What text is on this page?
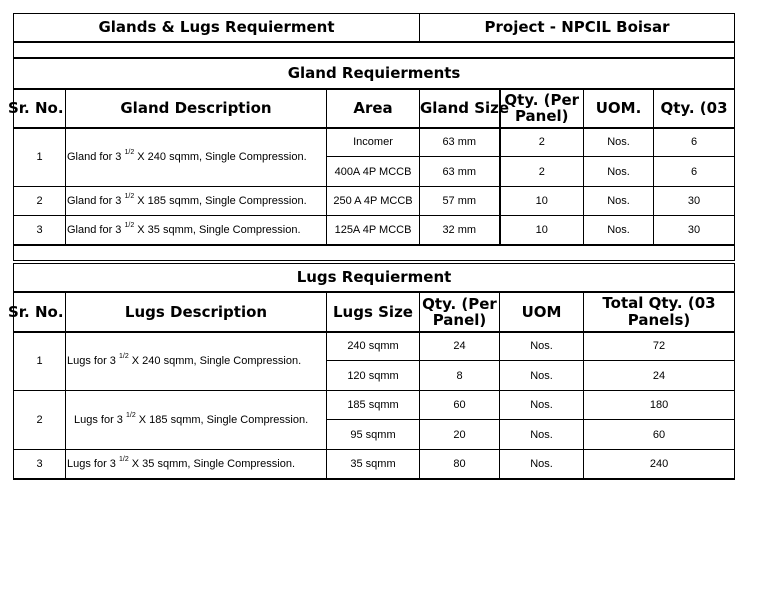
Glands & Lugs Requierment	Project - NPCIL Boisar

Gland Requierments						
Sr. No.	Gland Description	Area	Gland Size	Qty. (Per Panel)	UOM.	Qty. (03
1	Gland for 3 $^{1/2}$ X 240 sqmm, Single Compression.	Incomer	63 mm	2	Nos.	6
		400A 4P MCCB	63 mm	2	Nos.	6
2	Gland for 3 $^{1/2}$ X 185 sqmm, Single Compression.	250 A 4P MCCB	57 mm	10	Nos.	30
3	Gland for 3 $^{1/2}$ X 35 sqmm, Single Compression.	125A 4P MCCB	32 mm	10	Nos.	30

Lugs Requierment					
Sr. No.	Lugs Description	Lugs Size	Qty. (Per Panel)	UOM	Total Qty. (03 Panels)
1	Lugs for 3 $^{1/2}$ X 240 sqmm, Single Compression.	240 sqmm	24	Nos.	72
		120 sqmm	8	Nos.	24
2	Lugs for 3 $^{1/2}$ X 185 sqmm, Single Compression.	185 sqmm	60	Nos.	180
		95 sqmm	20	Nos.	60
3	Lugs for 3 $^{1/2}$ X 35 sqmm, Single Compression.	35 sqmm	80	Nos.	240
